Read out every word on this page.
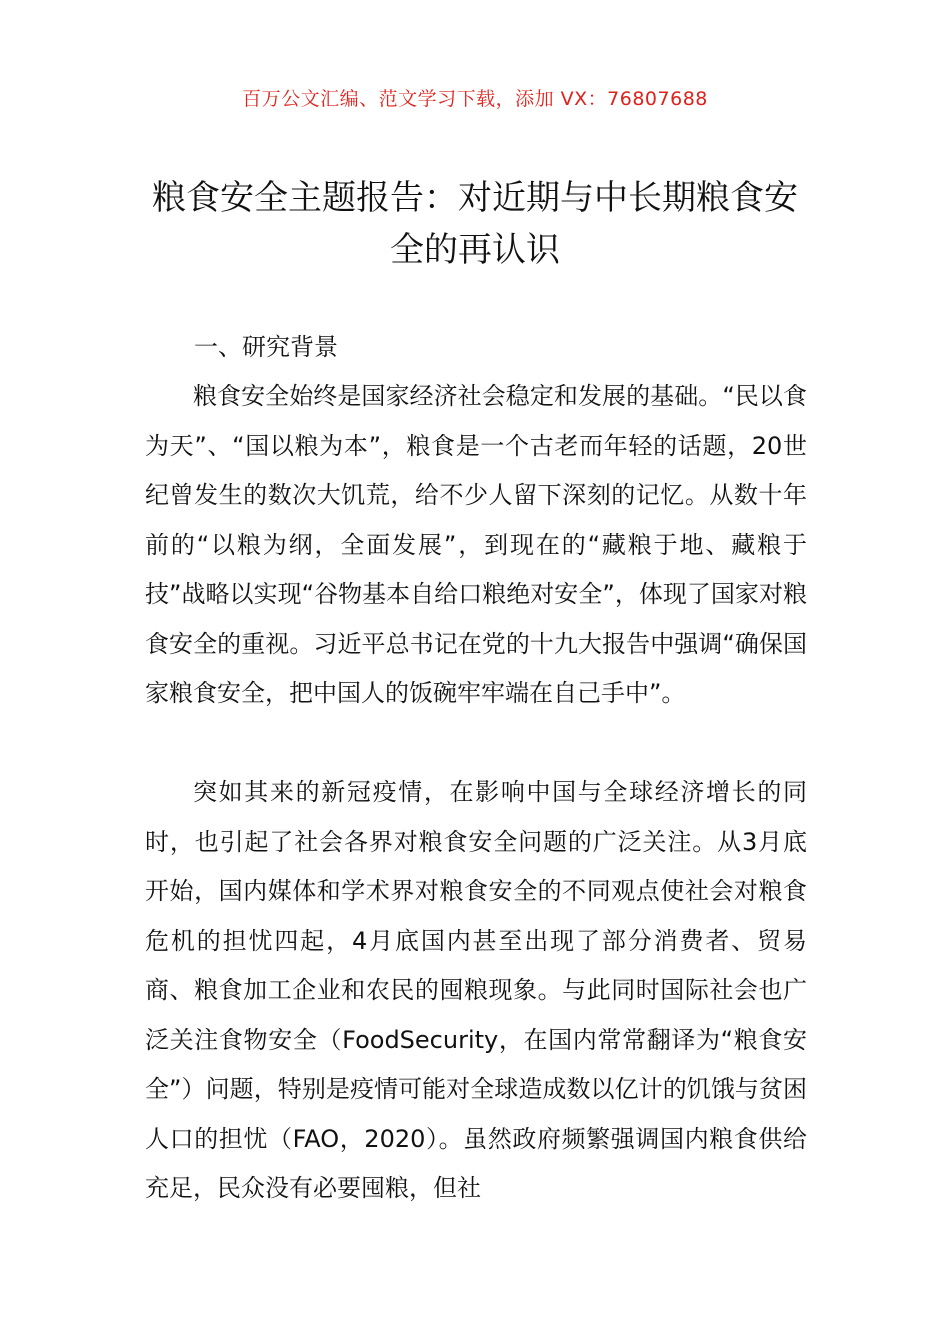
百万公文汇编、范文学习下载，添加 VX：76807688
粮食安全主题报告：对近期与中长期粮食安全的再认识
一、研究背景

粮食安全始终是国家经济社会稳定和发展的基础。“民以食为天”、“国以粮为本”，粮食是一个古老而年轻的话题，20世纪曾发生的数次大饥荒，给不少人留下深刻的记忆。从数十年前的“以粮为纲，全面发展”，到现在的“藏粮于地、藏粮于技”战略以实现“谷物基本自给口粮绝对安全”，体现了国家对粮食安全的重视。习近平总书记在党的十九大报告中强调“确保国家粮食安全，把中国人的饭碗牢牢端在自己手中”。

突如其来的新冠疫情，在影响中国与全球经济增长的同时，也引起了社会各界对粮食安全问题的广泛关注。从3月底开始，国内媒体和学术界对粮食安全的不同观点使社会对粮食危机的担忧四起，4月底国内甚至出现了部分消费者、贸易商、粮食加工企业和农民的囤粮现象。与此同时国际社会也广泛关注食物安全（FoodSecurity，在国内常常翻译为“粮食安全”）问题，特别是疫情可能对全球造成数以亿计的饥饿与贫困人口的担忧（FAO，2020）。虽然政府频繁强调国内粮食供给充足，民众没有必要囤粮，但社
